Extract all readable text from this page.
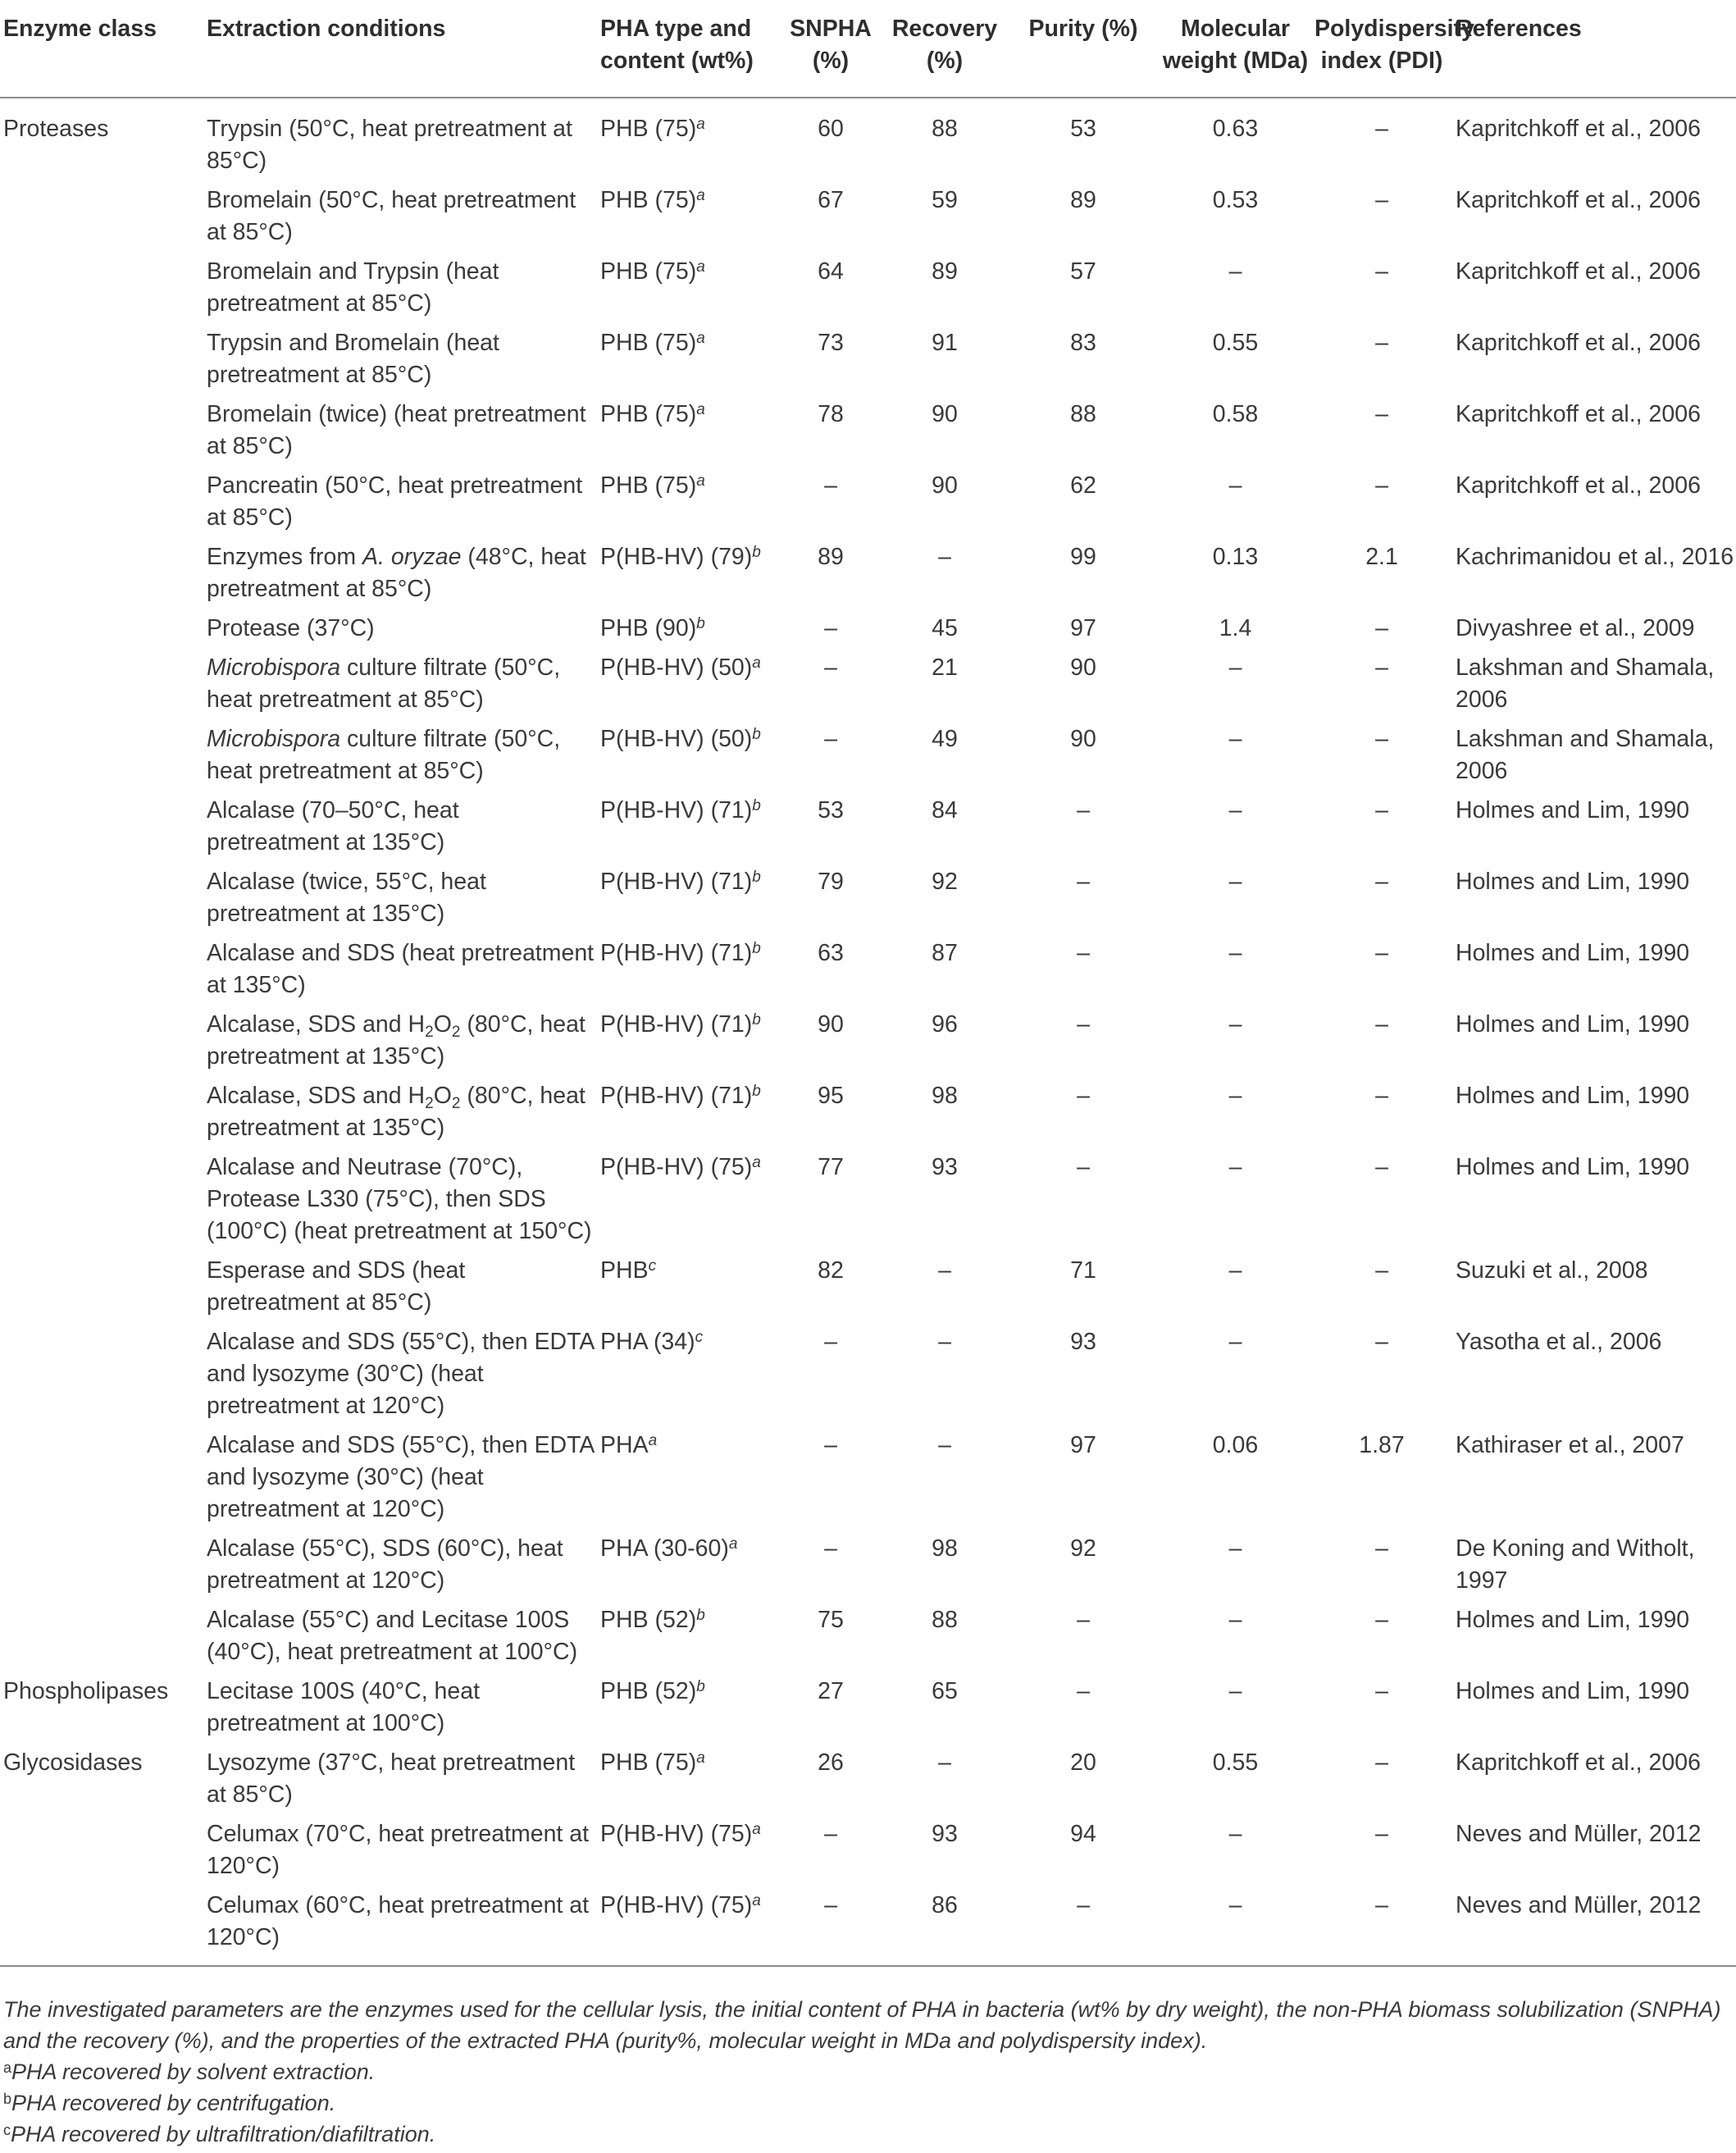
Enzyme class	Extraction conditions	PHA type and content (wt%)	SNPHA (%)	Recovery (%)	Purity (%)	Molecular weight (MDa)	Polydispersity index (PDI)	References
Proteases	Trypsin (50°C, heat pretreatment at 85°C)	PHB $(75)^a$	60	88	53	0.63	–	Kapritchkoff et al., 2006
	Bromelain (50°C, heat pretreatment at 85°C)	PHB $(75)^a$	67	59	89	0.53	–	Kapritchkoff et al., 2006
	Bromelain and Trypsin (heat pretreatment at 85°C)	PHB $(75)^a$	64	89	57	–	–	Kapritchkoff et al., 2006
	Trypsin and Bromelain (heat pretreatment at 85°C)	PHB $(75)^a$	73	91	83	0.55	–	Kapritchkoff et al., 2006
	Bromelain (twice) (heat pretreatment at 85°C)	PHB $(75)^a$	78	90	88	0.58	–	Kapritchkoff et al., 2006
	Pancreatin (50°C, heat pretreatment at 85°C)	PHB $(75)^a$	–	90	62	–	–	Kapritchkoff et al., 2006
	Enzymes from A. oryzae (48°C, heat pretreatment at 85°C)	P(HB-HV) $(79)^b$	89	–	99	0.13	2.1	Kachrimanidou et al., 2016
	Protease (37°C)	PHB $(90)^b$	–	45	97	1.4	–	Divyashree et al., 2009
	Microbispora culture filtrate (50°C, heat pretreatment at 85°C)	P(HB-HV) $(50)^a$	–	21	90	–	–	Lakshman and Shamala, 2006
	Microbispora culture filtrate (50°C, heat pretreatment at 85°C)	P(HB-HV) $(50)^b$	–	49	90	–	–	Lakshman and Shamala, 2006
	Alcalase (70–50°C, heat pretreatment at 135°C)	P(HB-HV) $(71)^b$	53	84	–	–	–	Holmes and Lim, 1990
	Alcalase (twice, 55°C, heat pretreatment at 135°C)	P(HB-HV) $(71)^b$	79	92	–	–	–	Holmes and Lim, 1990
	Alcalase and SDS (heat pretreatment at 135°C)	P(HB-HV) $(71)^b$	63	87	–	–	–	Holmes and Lim, 1990
	Alcalase, SDS and $H_2O_2$ (80°C, heat pretreatment at 135°C)	P(HB-HV) $(71)^b$	90	96	–	–	–	Holmes and Lim, 1990
	Alcalase, SDS and $H_2O_2$ (80°C, heat pretreatment at 135°C)	P(HB-HV) $(71)^b$	95	98	–	–	–	Holmes and Lim, 1990
	Alcalase and Neutrase (70°C), Protease L330 (75°C), then SDS (100°C) (heat pretreatment at 150°C)	P(HB-HV) $(75)^a$	77	93	–	–	–	Holmes and Lim, 1990
	Esperase and SDS (heat pretreatment at 85°C)	PHB$^c$	82	–	71	–	–	Suzuki et al., 2008
	Alcalase and SDS (55°C), then EDTA and lysozyme (30°C) (heat pretreatment at 120°C)	PHA $(34)^c$	–	–	93	–	–	Yasotha et al., 2006
	Alcalase and SDS (55°C), then EDTA and lysozyme (30°C) (heat pretreatment at 120°C)	PHA$^a$	–	–	97	0.06	1.87	Kathiraser et al., 2007
	Alcalase (55°C), SDS (60°C), heat pretreatment at 120°C)	PHA $(30-60)^a$	–	98	92	–	–	De Koning and Witholt, 1997
	Alcalase (55°C) and Lecitase 100S (40°C), heat pretreatment at 100°C)	PHB $(52)^b$	75	88	–	–	–	Holmes and Lim, 1990
Phospholipases	Lecitase 100S (40°C, heat pretreatment at 100°C)	PHB $(52)^b$	27	65	–	–	–	Holmes and Lim, 1990
Glycosidases	Lysozyme (37°C, heat pretreatment at 85°C)	PHB $(75)^a$	26	–	20	0.55	–	Kapritchkoff et al., 2006
	Celumax (70°C, heat pretreatment at 120°C)	P(HB-HV) $(75)^a$	–	93	94	–	–	Neves and Müller, 2012
	Celumax (60°C, heat pretreatment at 120°C)	P(HB-HV) $(75)^a$	–	86	–	–	–	Neves and Müller, 2012

The investigated parameters are the enzymes used for the cellular lysis, the initial content of PHA in bacteria (wt% by dry weight), the non-PHA biomass solubilization (SNPHA) and the recovery (%), and the properties of the extracted PHA (purity%, molecular weight in MDa and polydispersity index).

$^a$PHA recovered by solvent extraction.

$^b$PHA recovered by centrifugation.

$^c$PHA recovered by ultrafiltration/diafiltration.
